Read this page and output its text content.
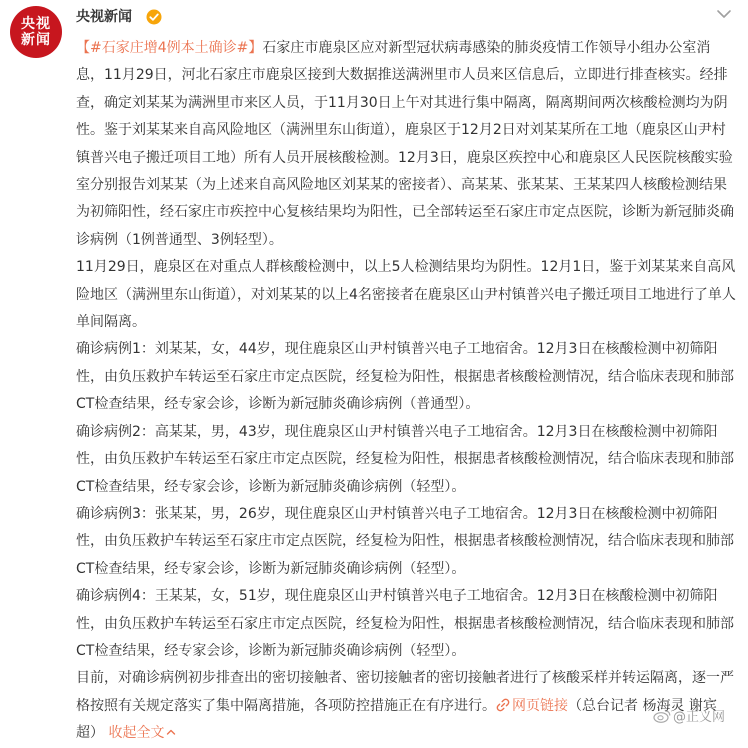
央视
新闻
央视新闻

【#石家庄增4例本土确诊#】石家庄市鹿泉区应对新型冠状病毒感染的肺炎疫情工作领导小组办公室消息，11月29日，河北石家庄市鹿泉区接到大数据推送满洲里市人员来区信息后，立即进行排查核实。经排查，确定刘某某为满洲里市来区人员，于11月30日上午对其进行集中隔离，隔离期间两次核酸检测均为阴性。鉴于刘某某来自高风险地区（满洲里东山街道），鹿泉区于12月2日对刘某某所在工地（鹿泉区山尹村镇普兴电子搬迁项目工地）所有人员开展核酸检测。12月3日，鹿泉区疾控中心和鹿泉区人民医院核酸实验室分别报告刘某某（为上述来自高风险地区刘某某的密接者）、高某某、张某某、王某某四人核酸检测结果为初筛阳性，经石家庄市疾控中心复核结果均为阳性，已全部转运至石家庄市定点医院，诊断为新冠肺炎确诊病例（1例普通型、3例轻型）。

11月29日，鹿泉区在对重点人群核酸检测中，以上5人检测结果均为阴性。12月1日，鉴于刘某某来自高风险地区（满洲里东山街道），对刘某某的以上4名密接者在鹿泉区山尹村镇普兴电子搬迁项目工地进行了单人单间隔离。

确诊病例1：刘某某，女，44岁，现住鹿泉区山尹村镇普兴电子工地宿舍。12月3日在核酸检测中初筛阳性，由负压救护车转运至石家庄市定点医院，经复检为阳性，根据患者核酸检测情况，结合临床表现和肺部CT检查结果，经专家会诊，诊断为新冠肺炎确诊病例（普通型）。

确诊病例2：高某某，男，43岁，现住鹿泉区山尹村镇普兴电子工地宿舍。12月3日在核酸检测中初筛阳性，由负压救护车转运至石家庄市定点医院，经复检为阳性，根据患者核酸检测情况，结合临床表现和肺部CT检查结果，经专家会诊，诊断为新冠肺炎确诊病例（轻型）。

确诊病例3：张某某，男，26岁，现住鹿泉区山尹村镇普兴电子工地宿舍。12月3日在核酸检测中初筛阳性，由负压救护车转运至石家庄市定点医院，经复检为阳性，根据患者核酸检测情况，结合临床表现和肺部CT检查结果，经专家会诊，诊断为新冠肺炎确诊病例（轻型）。

确诊病例4：王某某，女，51岁，现住鹿泉区山尹村镇普兴电子工地宿舍。12月3日在核酸检测中初筛阳性，由负压救护车转运至石家庄市定点医院，经复检为阳性，根据患者核酸检测情况，结合临床表现和肺部CT检查结果，经专家会诊，诊断为新冠肺炎确诊病例（轻型）。

目前，对确诊病例初步排查出的密切接触者、密切接触者的密切接触者进行了核酸采样并转运隔离，逐一严格按照有关规定落实了集中隔离措施，各项防控措施正在有序进行。 网页链接（总台记者 杨海灵 谢宾超） 收起全文

@正义网
